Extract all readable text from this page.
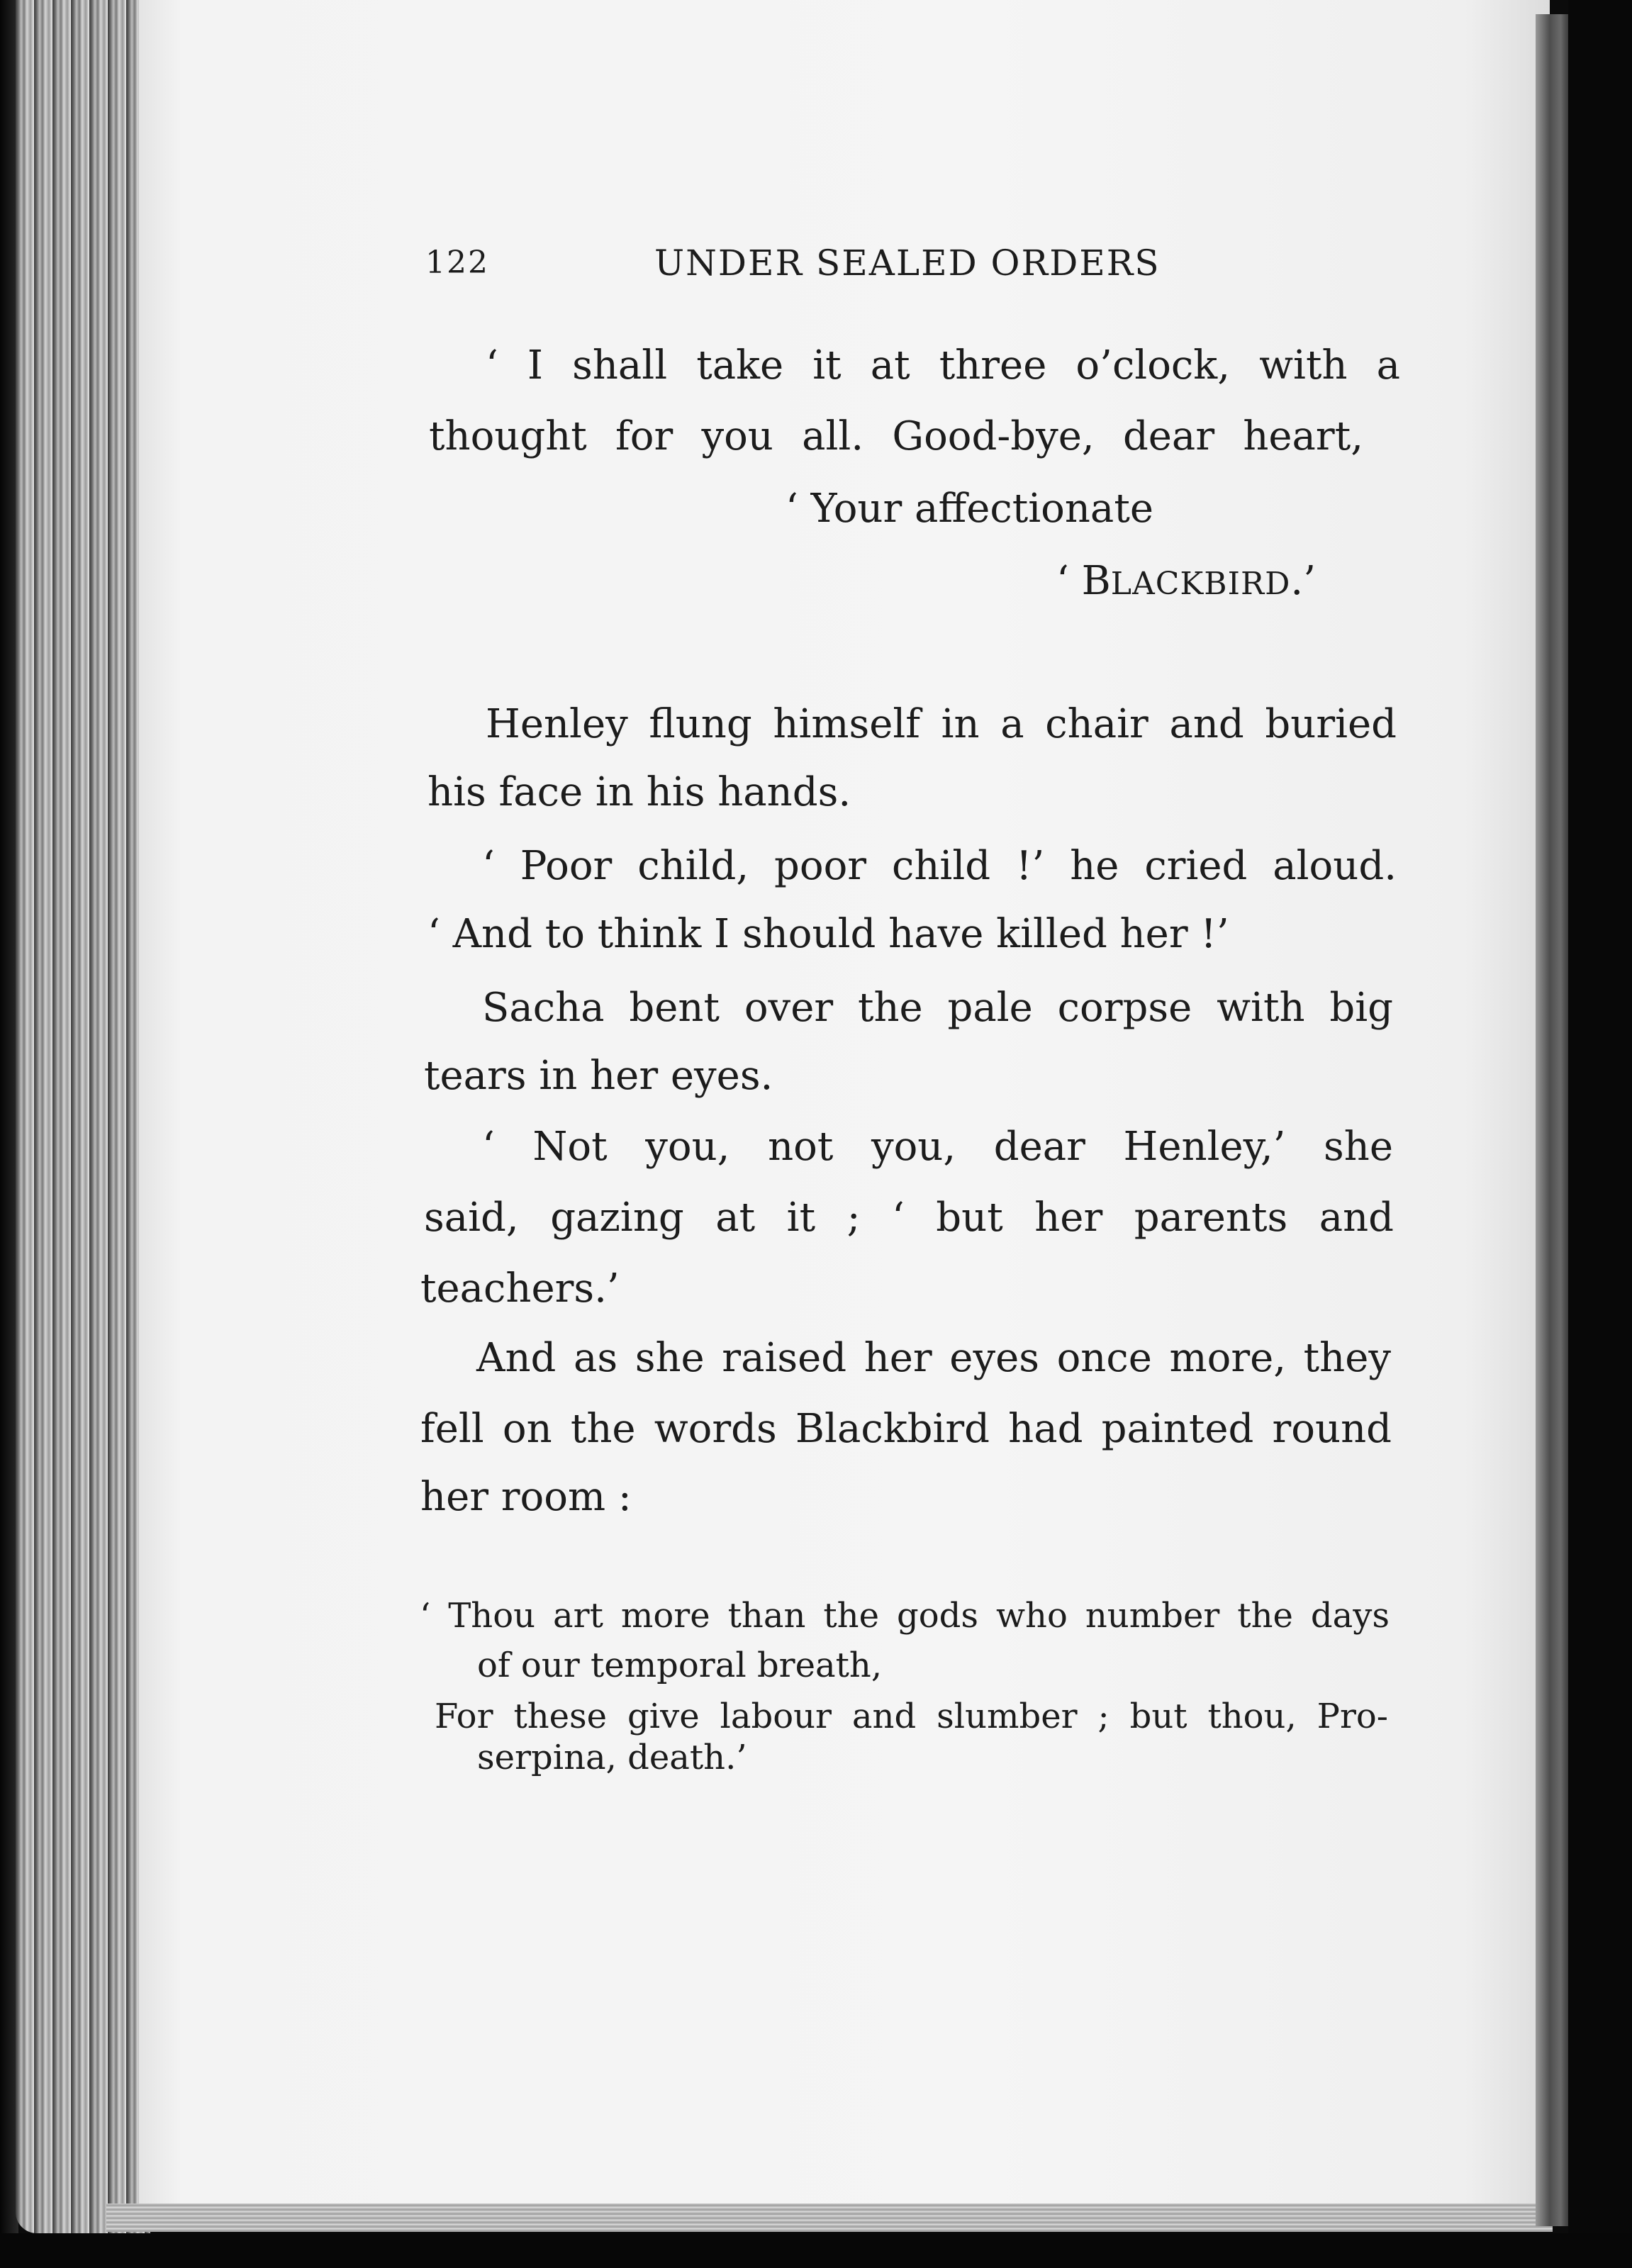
122	UNDER SEALED ORDERS

‘ I shall take it at three o’clock, with a

thought for you all. Good-bye, dear heart,

‘ Your affectionate

‘ BLACKBIRD.’

Henley flung himself in a chair and buried

his face in his hands.

‘ Poor child, poor child !’ he cried aloud.

‘ And to think I should have killed her !’

Sacha bent over the pale corpse with big

tears in her eyes.

‘ Not you, not you, dear Henley,’ she

said, gazing at it ; ‘ but her parents and

teachers.’

And as she raised her eyes once more, they

fell on the words Blackbird had painted round

her room :

‘ Thou art more than the gods who number the days

of our temporal breath,

For these give labour and slumber ; but thou, Pro-

serpina, death.’
